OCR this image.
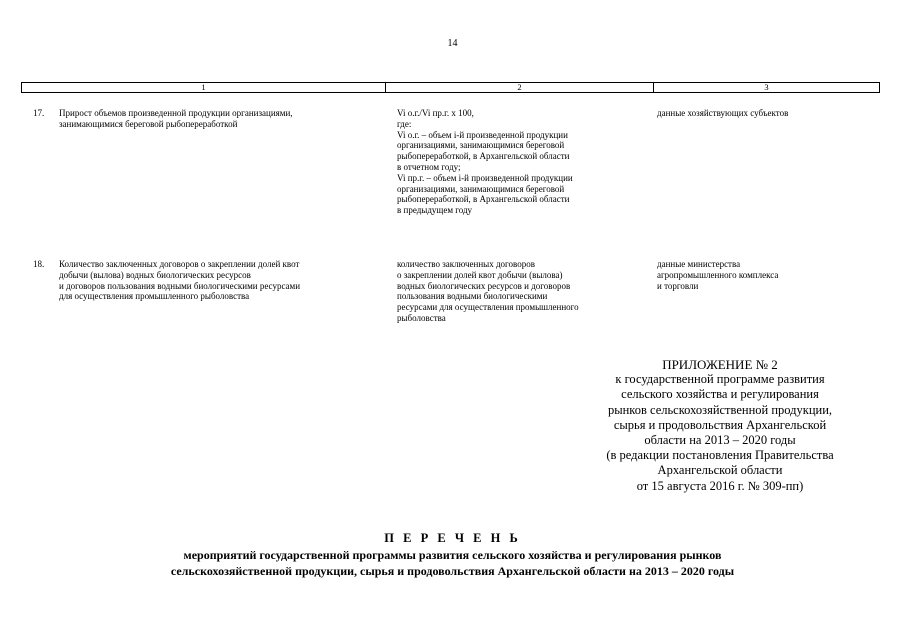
14
1	2	3
17. Прирост объемов произведенной продукции организациями,
занимающимися береговой рыбопереработкой
Vi о.г./Vi пр.г. х 100,
где:
Vi о.г. – объем i-й произведенной продукции
организациями, занимающимися береговой
рыбопереработкой, в Архангельской области
в отчетном году;
Vi пр.г. – объем i-й произведенной продукции
организациями, занимающимися береговой
рыбопереработкой, в Архангельской области
в предыдущем году
данные хозяйствующих субъектов
18. Количество заключенных договоров о закреплении долей квот
добычи (вылова) водных биологических ресурсов
и договоров пользования водными биологическими ресурсами
для осуществления промышленного рыболовства
количество заключенных договоров
о закреплении долей квот добычи (вылова)
водных биологических ресурсов и договоров
пользования водными биологическими
ресурсами для осуществления промышленного
рыболовства
данные министерства
агропромышленного комплекса
и торговли
ПРИЛОЖЕНИЕ № 2
к государственной программе развития
сельского хозяйства и регулирования
рынков сельскохозяйственной продукции,
сырья и продовольствия Архангельской
области на 2013 – 2020 годы
(в редакции постановления Правительства
Архангельской области
от 15 августа 2016 г. № 309-пп)
П Е Р Е Ч Е Н Ь
мероприятий государственной программы развития сельского хозяйства и регулирования рынков
сельскохозяйственной продукции, сырья и продовольствия Архангельской области на 2013 – 2020 годы
